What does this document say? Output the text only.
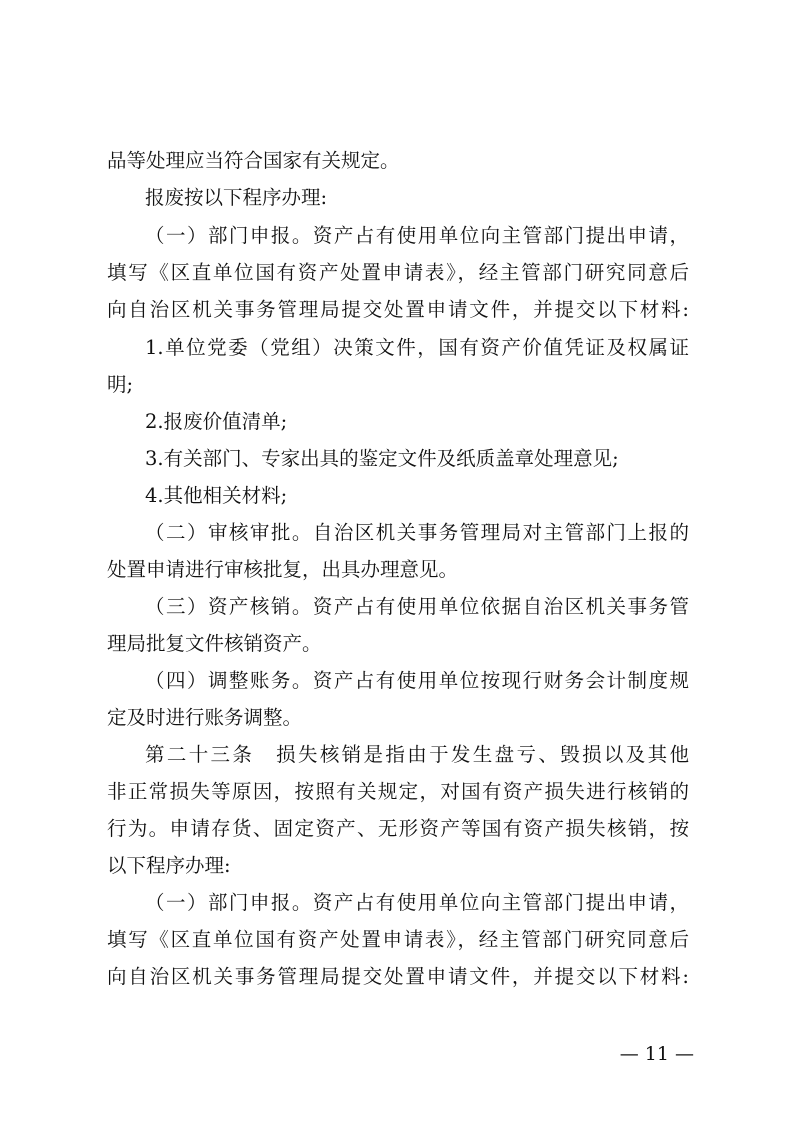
品等处理应当符合国家有关规定。
报废按以下程序办理:
（一）部门申报。资产占有使用单位向主管部门提出申请，
填写《区直单位国有资产处置申请表》，经主管部门研究同意后
向自治区机关事务管理局提交处置申请文件，并提交以下材料:
1.单位党委（党组）决策文件，国有资产价值凭证及权属证
明;
2.报废价值清单;
3.有关部门、专家出具的鉴定文件及纸质盖章处理意见;
4.其他相关材料;
（二）审核审批。自治区机关事务管理局对主管部门上报的
处置申请进行审核批复，出具办理意见。
（三）资产核销。资产占有使用单位依据自治区机关事务管
理局批复文件核销资产。
（四）调整账务。资产占有使用单位按现行财务会计制度规
定及时进行账务调整。
第二十三条　损失核销是指由于发生盘亏、毁损以及其他
非正常损失等原因，按照有关规定，对国有资产损失进行核销的
行为。申请存货、固定资产、无形资产等国有资产损失核销，按
以下程序办理:
（一）部门申报。资产占有使用单位向主管部门提出申请，
填写《区直单位国有资产处置申请表》，经主管部门研究同意后
向自治区机关事务管理局提交处置申请文件，并提交以下材料:
— 11 —
